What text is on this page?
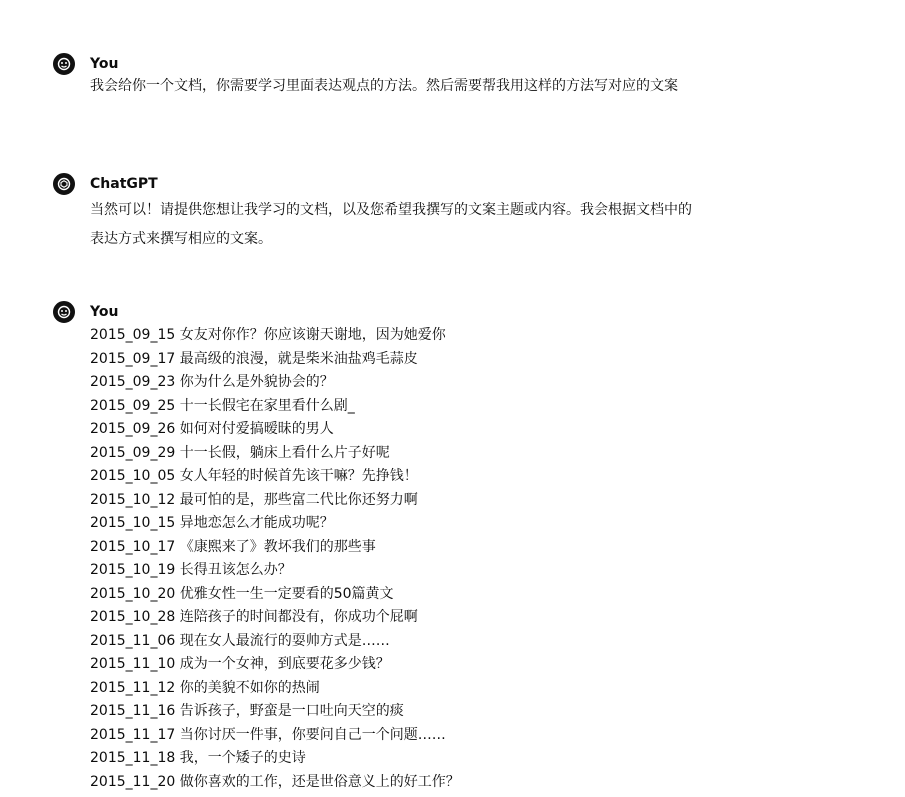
You
我会给你一个文档，你需要学习里面表达观点的方法。然后需要帮我用这样的方法写对应的文案
ChatGPT
当然可以！请提供您想让我学习的文档，以及您希望我撰写的文案主题或内容。我会根据文档中的
表达方式来撰写相应的文案。
You
2015_09_15 女友对你作？你应该谢天谢地，因为她爱你
2015_09_17 最高级的浪漫，就是柴米油盐鸡毛蒜皮
2015_09_23 你为什么是外貌协会的？
2015_09_25 十一长假宅在家里看什么剧_
2015_09_26 如何对付爱搞暧昧的男人
2015_09_29 十一长假，躺床上看什么片子好呢
2015_10_05 女人年轻的时候首先该干嘛？先挣钱！
2015_10_12 最可怕的是，那些富二代比你还努力啊
2015_10_15 异地恋怎么才能成功呢？
2015_10_17 《康熙来了》教坏我们的那些事
2015_10_19 长得丑该怎么办？
2015_10_20 优雅女性一生一定要看的50篇黄文
2015_10_28 连陪孩子的时间都没有，你成功个屁啊
2015_11_06 现在女人最流行的耍帅方式是……
2015_11_10 成为一个女神，到底要花多少钱？
2015_11_12 你的美貌不如你的热闹
2015_11_16 告诉孩子，野蛮是一口吐向天空的痰
2015_11_17 当你讨厌一件事，你要问自己一个问题……
2015_11_18 我，一个矮子的史诗
2015_11_20 做你喜欢的工作，还是世俗意义上的好工作？
